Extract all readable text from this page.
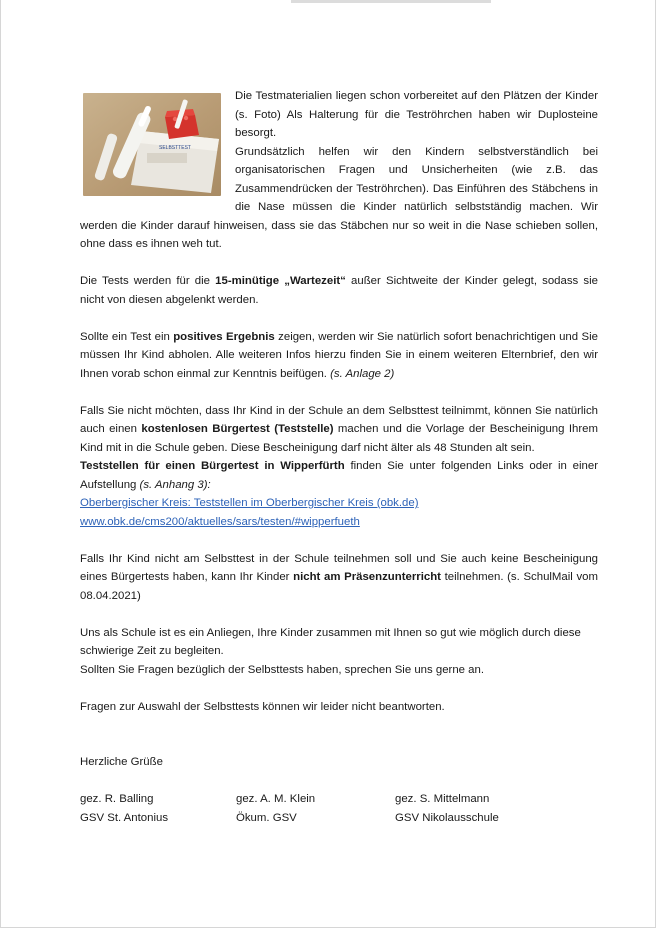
SELBSTTEST

Die Testmaterialien liegen schon vorbereitet auf den Plätzen der Kinder (s. Foto) Als Halterung für die Teströhrchen haben wir Duplosteine besorgt.

Grundsätzlich helfen wir den Kindern selbstverständlich bei organisatorischen Fragen und Unsicherheiten (wie z.B. das Zusammendrücken der Teströhrchen). Das Einführen des Stäbchens in die Nase müssen die Kinder natürlich selbstständig machen. Wir werden die Kinder darauf hinweisen, dass sie das Stäbchen nur so weit in die Nase schieben sollen, ohne dass es ihnen weh tut.

Die Tests werden für die 15-minütige „Wartezeit“ außer Sichtweite der Kinder gelegt, sodass sie nicht von diesen abgelenkt werden.

Sollte ein Test ein positives Ergebnis zeigen, werden wir Sie natürlich sofort benachrichtigen und Sie müssen Ihr Kind abholen. Alle weiteren Infos hierzu finden Sie in einem weiteren Elternbrief, den wir Ihnen vorab schon einmal zur Kenntnis beifügen. (s. Anlage 2)

Falls Sie nicht möchten, dass Ihr Kind in der Schule an dem Selbsttest teilnimmt, können Sie natürlich auch einen kostenlosen Bürgertest (Teststelle) machen und die Vorlage der Bescheinigung Ihrem Kind mit in die Schule geben. Diese Bescheinigung darf nicht älter als 48 Stunden alt sein.

Teststellen für einen Bürgertest in Wipperfürth finden Sie unter folgenden Links oder in einer Aufstellung (s. Anhang 3):

Oberbergischer Kreis: Teststellen im Oberbergischer Kreis (obk.de)

www.obk.de/cms200/aktuelles/sars/testen/#wipperfueth

Falls Ihr Kind nicht am Selbsttest in der Schule teilnehmen soll und Sie auch keine Bescheinigung eines Bürgertests haben, kann Ihr Kinder nicht am Präsenzunterricht teilnehmen. (s. SchulMail vom 08.04.2021)

Uns als Schule ist es ein Anliegen, Ihre Kinder zusammen mit Ihnen so gut wie möglich durch diese schwierige Zeit zu begleiten.

Sollten Sie Fragen bezüglich der Selbsttests haben, sprechen Sie uns gerne an.

Fragen zur Auswahl der Selbsttests können wir leider nicht beantworten.

Herzliche Grüße

gez. R. Balling	gez. A. M. Klein	gez. S. Mittelmann
GSV St. Antonius	Ökum. GSV	GSV Nikolausschule
